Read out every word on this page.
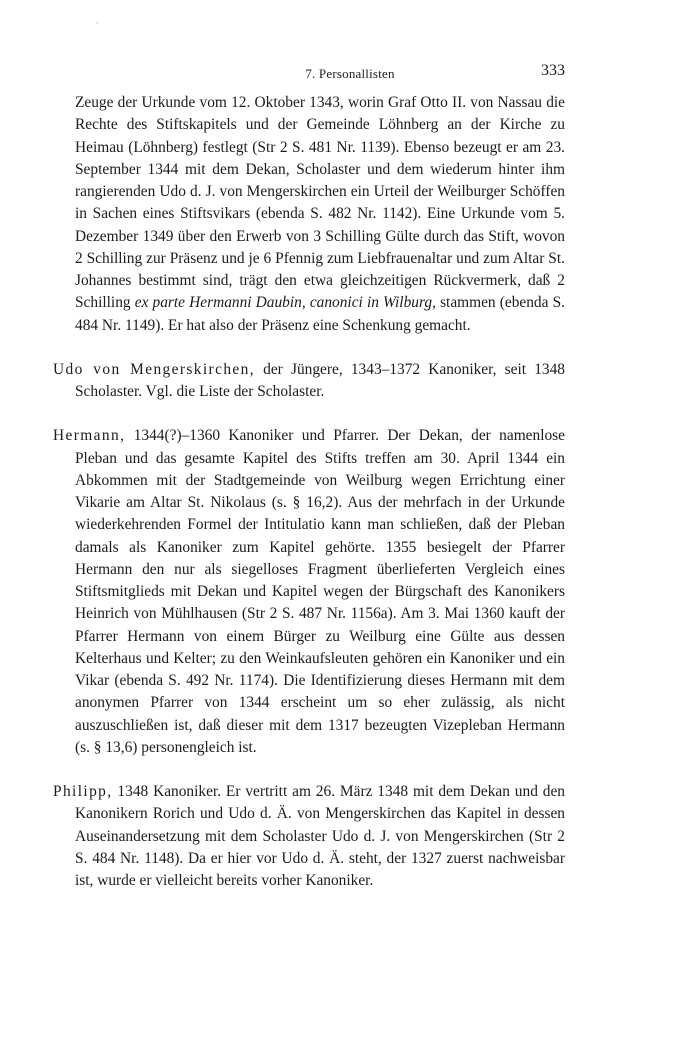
7. Personallisten	333

Zeuge der Urkunde vom 12. Oktober 1343, worin Graf Otto II. von Nassau die Rechte des Stiftskapitels und der Gemeinde Löhnberg an der Kirche zu Heimau (Löhnberg) festlegt (Str 2 S. 481 Nr. 1139). Ebenso bezeugt er am 23. September 1344 mit dem Dekan, Scholaster und dem wiederum hinter ihm rangierenden Udo d. J. von Mengerskirchen ein Urteil der Weilburger Schöffen in Sachen eines Stiftsvikars (ebenda S. 482 Nr. 1142). Eine Urkunde vom 5. Dezember 1349 über den Erwerb von 3 Schilling Gülte durch das Stift, wovon 2 Schilling zur Präsenz und je 6 Pfennig zum Liebfrauenaltar und zum Altar St. Johannes bestimmt sind, trägt den etwa gleichzeitigen Rückvermerk, daß 2 Schilling ex parte Hermanni Daubin, canonici in Wilburg, stammen (ebenda S. 484 Nr. 1149). Er hat also der Präsenz eine Schenkung gemacht.

Udo von Mengerskirchen, der Jüngere, 1343–1372 Kanoniker, seit 1348 Scholaster. Vgl. die Liste der Scholaster.

Hermann, 1344(?)–1360 Kanoniker und Pfarrer. Der Dekan, der namenlose Pleban und das gesamte Kapitel des Stifts treffen am 30. April 1344 ein Abkommen mit der Stadtgemeinde von Weilburg wegen Errichtung einer Vikarie am Altar St. Nikolaus (s. § 16,2). Aus der mehrfach in der Urkunde wiederkehrenden Formel der Intitulatio kann man schließen, daß der Pleban damals als Kanoniker zum Kapitel gehörte. 1355 besiegelt der Pfarrer Hermann den nur als siegelloses Fragment überlieferten Vergleich eines Stiftsmitglieds mit Dekan und Kapitel wegen der Bürgschaft des Kanonikers Heinrich von Mühlhausen (Str 2 S. 487 Nr. 1156a). Am 3. Mai 1360 kauft der Pfarrer Hermann von einem Bürger zu Weilburg eine Gülte aus dessen Kelterhaus und Kelter; zu den Weinkaufsleuten gehören ein Kanoniker und ein Vikar (ebenda S. 492 Nr. 1174). Die Identifizierung dieses Hermann mit dem anonymen Pfarrer von 1344 erscheint um so eher zulässig, als nicht auszuschließen ist, daß dieser mit dem 1317 bezeugten Vizepleban Hermann (s. § 13,6) personengleich ist.

Philipp, 1348 Kanoniker. Er vertritt am 26. März 1348 mit dem Dekan und den Kanonikern Rorich und Udo d. Ä. von Mengerskirchen das Kapitel in dessen Auseinandersetzung mit dem Scholaster Udo d. J. von Mengerskirchen (Str 2 S. 484 Nr. 1148). Da er hier vor Udo d. Ä. steht, der 1327 zuerst nachweisbar ist, wurde er vielleicht bereits vorher Kanoniker.
